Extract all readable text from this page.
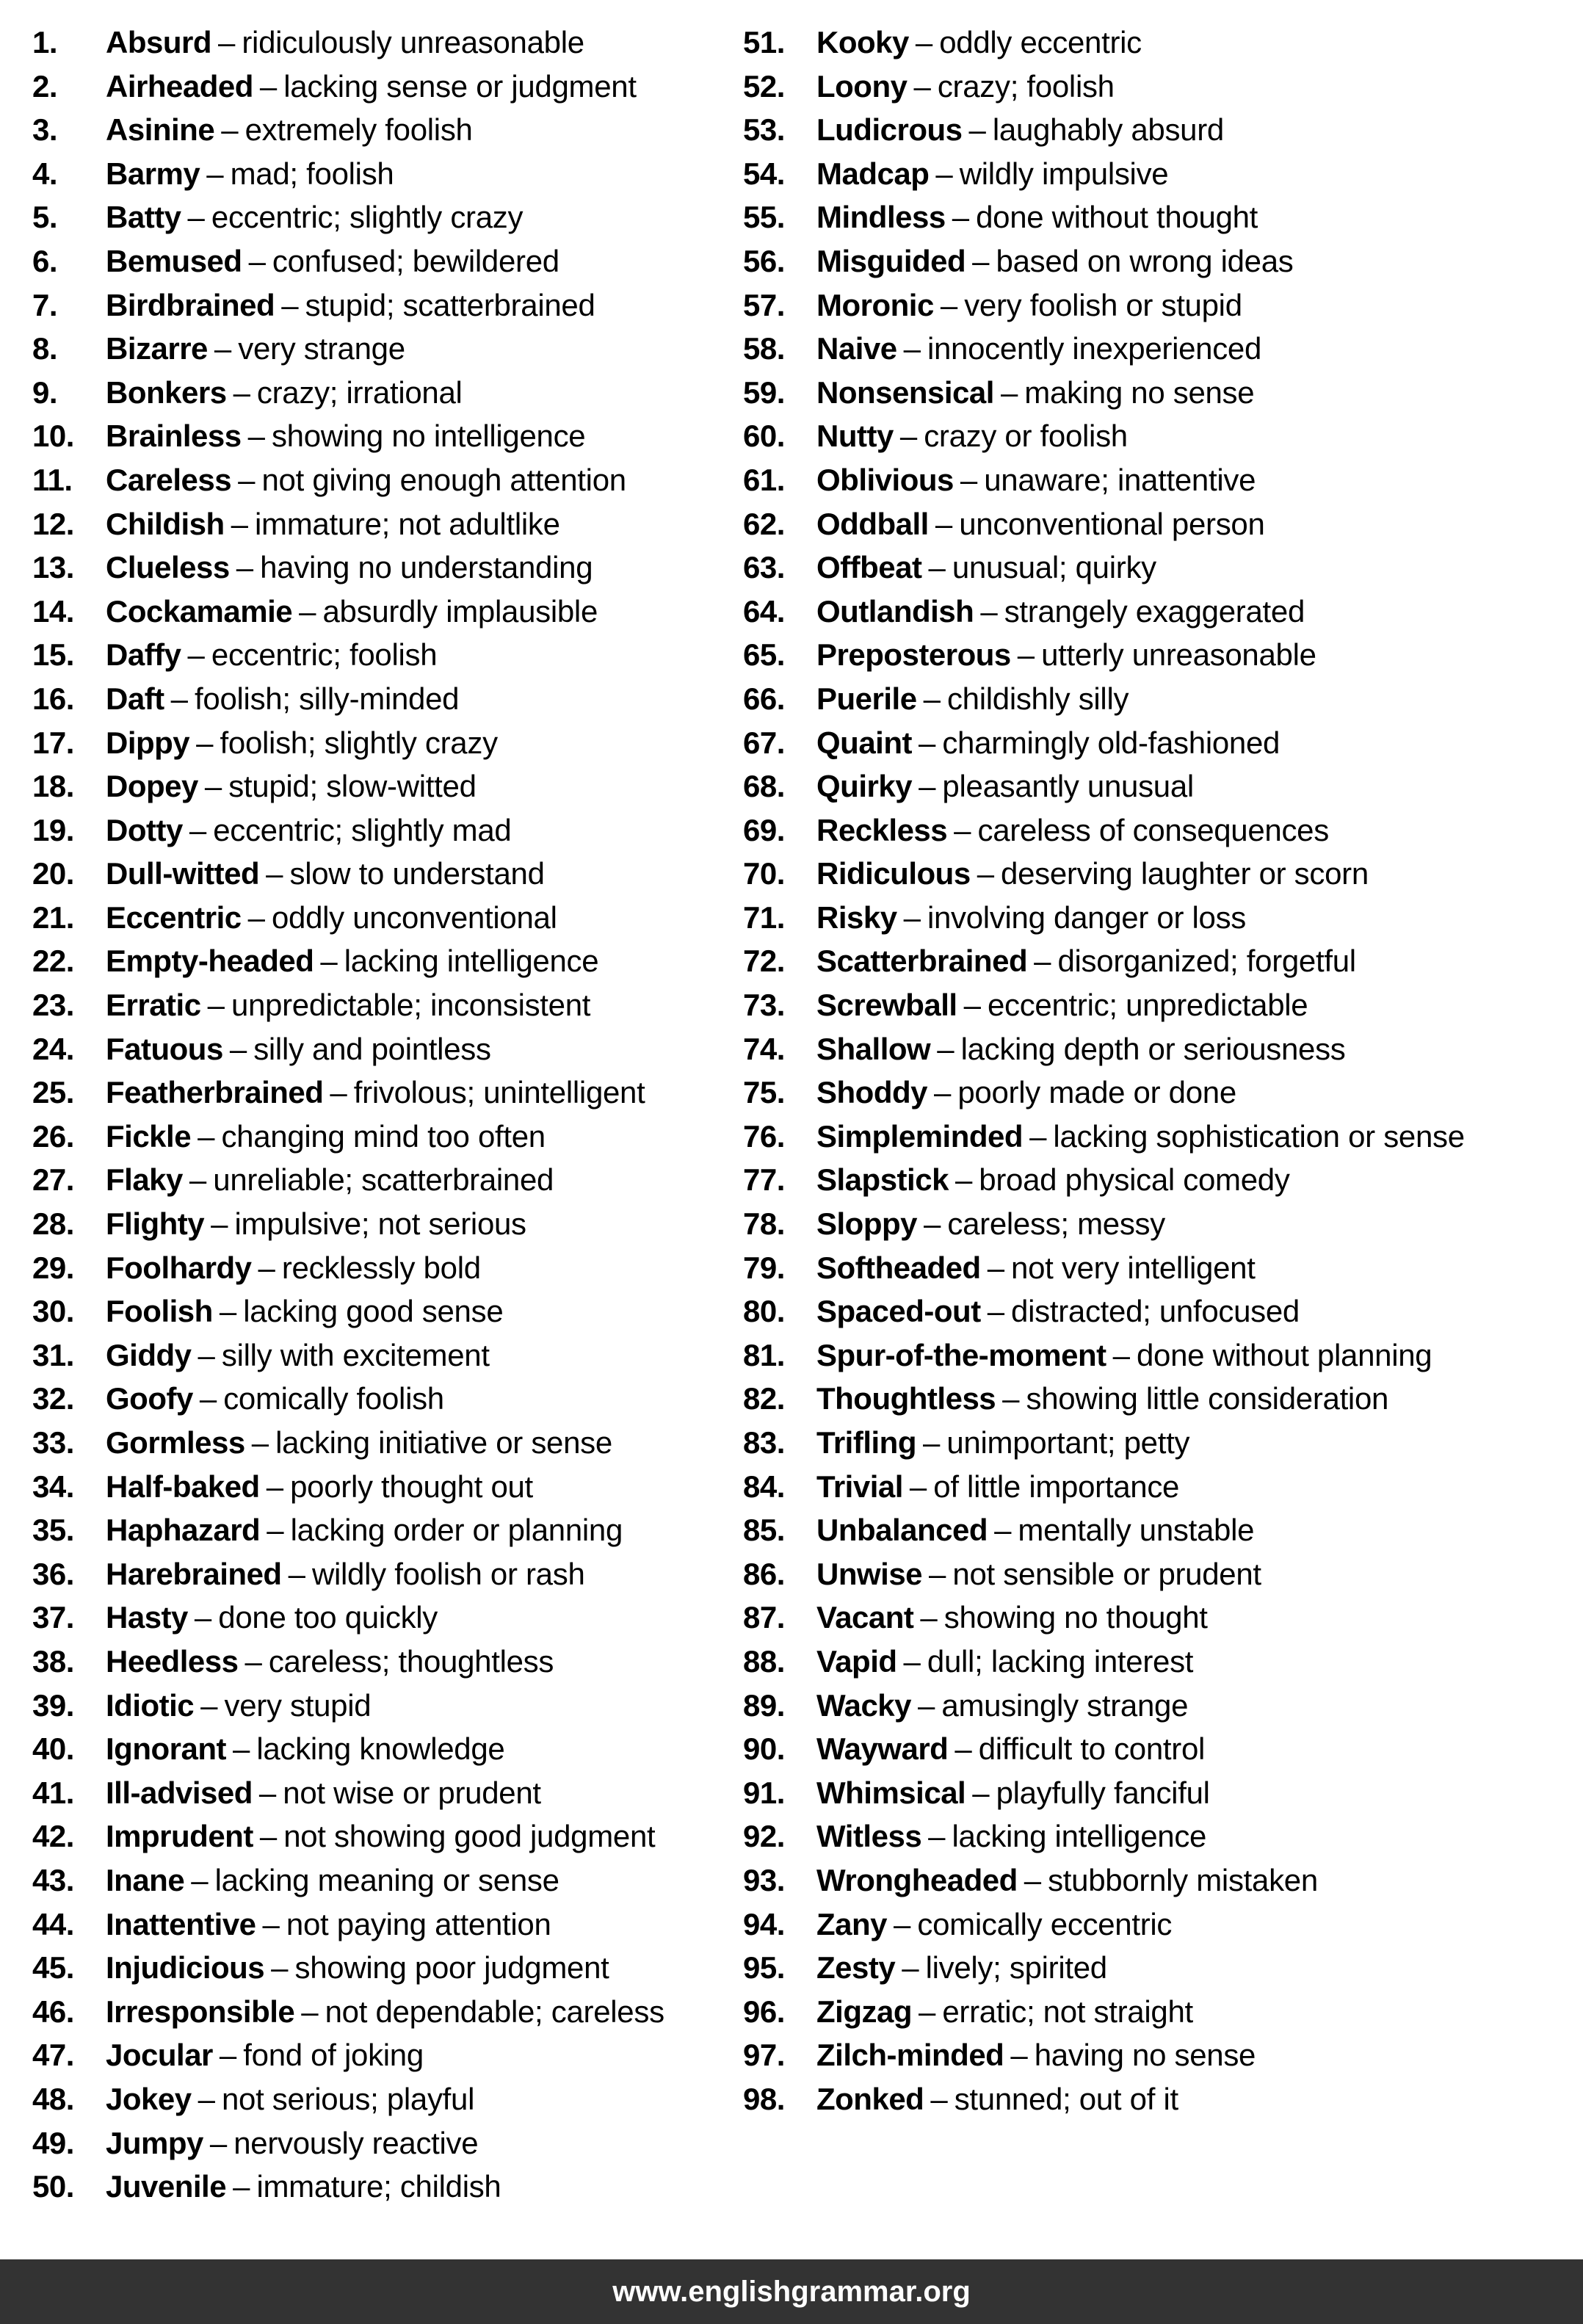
1.	Absurd – ridiculously unreasonable
2.	Airheaded – lacking sense or judgment
3.	Asinine – extremely foolish
4.	Barmy – mad; foolish
5.	Batty – eccentric; slightly crazy
6.	Bemused – confused; bewildered
7.	Birdbrained – stupid; scatterbrained
8.	Bizarre – very strange
9.	Bonkers – crazy; irrational
10.	Brainless – showing no intelligence
11.	Careless – not giving enough attention
12.	Childish – immature; not adultlike
13.	Clueless – having no understanding
14.	Cockamamie – absurdly implausible
15.	Daffy – eccentric; foolish
16.	Daft – foolish; silly-minded
17.	Dippy – foolish; slightly crazy
18.	Dopey – stupid; slow-witted
19.	Dotty – eccentric; slightly mad
20.	Dull-witted – slow to understand
21.	Eccentric – oddly unconventional
22.	Empty-headed – lacking intelligence
23.	Erratic – unpredictable; inconsistent
24.	Fatuous – silly and pointless
25.	Featherbrained – frivolous; unintelligent
26.	Fickle – changing mind too often
27.	Flaky – unreliable; scatterbrained
28.	Flighty – impulsive; not serious
29.	Foolhardy – recklessly bold
30.	Foolish – lacking good sense
31.	Giddy – silly with excitement
32.	Goofy – comically foolish
33.	Gormless – lacking initiative or sense
34.	Half-baked – poorly thought out
35.	Haphazard – lacking order or planning
36.	Harebrained – wildly foolish or rash
37.	Hasty – done too quickly
38.	Heedless – careless; thoughtless
39.	Idiotic – very stupid
40.	Ignorant – lacking knowledge
41.	Ill-advised – not wise or prudent
42.	Imprudent – not showing good judgment
43.	Inane – lacking meaning or sense
44.	Inattentive – not paying attention
45.	Injudicious – showing poor judgment
46.	Irresponsible – not dependable; careless
47.	Jocular – fond of joking
48.	Jokey – not serious; playful
49.	Jumpy – nervously reactive
50.	Juvenile – immature; childish
51.	Kooky – oddly eccentric
52.	Loony – crazy; foolish
53.	Ludicrous – laughably absurd
54.	Madcap – wildly impulsive
55.	Mindless – done without thought
56.	Misguided – based on wrong ideas
57.	Moronic – very foolish or stupid
58.	Naive – innocently inexperienced
59.	Nonsensical – making no sense
60.	Nutty – crazy or foolish
61.	Oblivious – unaware; inattentive
62.	Oddball – unconventional person
63.	Offbeat – unusual; quirky
64.	Outlandish – strangely exaggerated
65.	Preposterous – utterly unreasonable
66.	Puerile – childishly silly
67.	Quaint – charmingly old-fashioned
68.	Quirky – pleasantly unusual
69.	Reckless – careless of consequences
70.	Ridiculous – deserving laughter or scorn
71.	Risky – involving danger or loss
72.	Scatterbrained – disorganized; forgetful
73.	Screwball – eccentric; unpredictable
74.	Shallow – lacking depth or seriousness
75.	Shoddy – poorly made or done
76.	Simpleminded – lacking sophistication or sense
77.	Slapstick – broad physical comedy
78.	Sloppy – careless; messy
79.	Softheaded – not very intelligent
80.	Spaced-out – distracted; unfocused
81.	Spur-of-the-moment – done without planning
82.	Thoughtless – showing little consideration
83.	Trifling – unimportant; petty
84.	Trivial – of little importance
85.	Unbalanced – mentally unstable
86.	Unwise – not sensible or prudent
87.	Vacant – showing no thought
88.	Vapid – dull; lacking interest
89.	Wacky – amusingly strange
90.	Wayward – difficult to control
91.	Whimsical – playfully fanciful
92.	Witless – lacking intelligence
93.	Wrongheaded – stubbornly mistaken
94.	Zany – comically eccentric
95.	Zesty – lively; spirited
96.	Zigzag – erratic; not straight
97.	Zilch-minded – having no sense
98.	Zonked – stunned; out of it
www.englishgrammar.org
